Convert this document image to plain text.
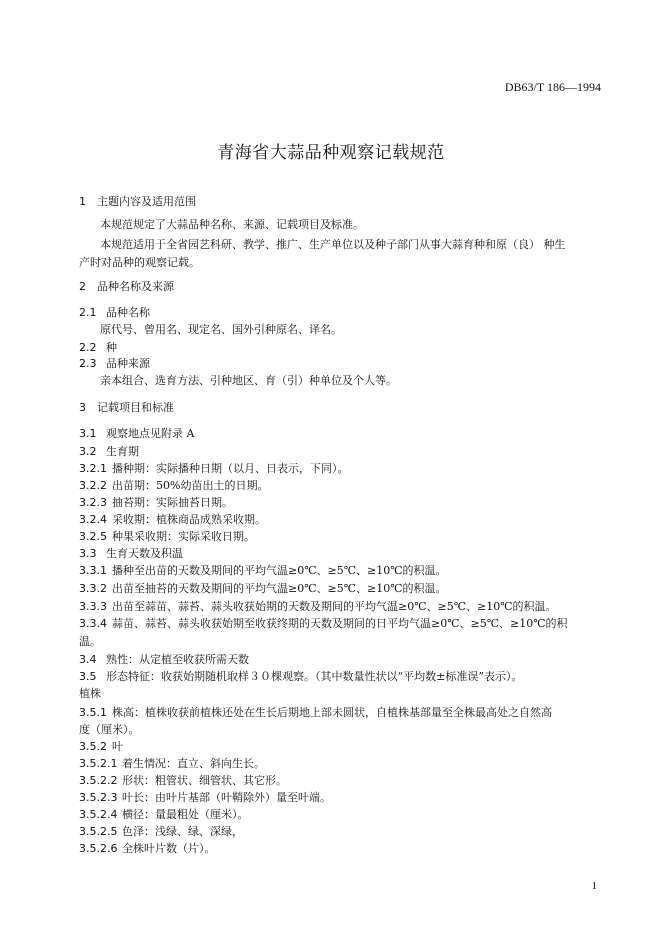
DB63/T 186—1994
青海省大蒜品种观察记载规范
1 主题内容及适用范围
本规范规定了大蒜品种名称、来源、记载项目及标准。
本规范适用于全省园艺科研、教学、推广、生产单位以及种子部门从事大蒜育种和原（良） 种生
产时对品种的观察记载。
2 品种名称及来源
2.1 品种名称
原代号、曾用名、现定名、国外引种原名、译名。
2.2 种
2.3 品种来源
亲本组合、选育方法、引种地区、育（引）种单位及个人等。
3 记载项目和标准
3.1 观察地点见附录 A
3.2 生育期
3.2.1 播种期：实际播种日期（以月、日表示，下同）。
3.2.2 出苗期：50%幼苗出土的日期。
3.2.3 抽苔期：实际抽苔日期。
3.2.4 采收期：植株商品成熟采收期。
3.2.5 种果采收期：实际采收日期。
3.3 生育天数及积温
3.3.1 播种至出苗的天数及期间的平均气温≥0℃、≥5℃、≥10℃的积温。
3.3.2 出苗至抽苔的天数及期间的平均气温≥0℃、≥5℃、≥10℃的积温。
3.3.3 出苗至蒜苗、蒜苔、蒜头收获始期的天数及期间的平均气温≥0℃、≥5℃、≥10℃的积温。
3.3.4 蒜苗、蒜苔、蒜头收获始期至收获终期的天数及期间的日平均气温≥0℃、≥5℃、≥10℃的积
温。
3.4 熟性：从定植至收获所需天数
3.5 形态特征：收获始期随机取样３０棵观察。（其中数量性状以“平均数±标准误”表示）。
植株
3.5.1 株高：植株收获前植株还处在生长后期地上部未圆状，自植株基部量至全株最高处之自然高
度（厘米）。
3.5.2 叶
3.5.2.1 着生情况：直立、斜向生长。
3.5.2.2 形状：粗管状、细管状、其它形。
3.5.2.3 叶长：由叶片基部（叶鞘除外）量至叶端。
3.5.2.4 横径：量最粗处（厘米）。
3.5.2.5 色泽：浅绿、绿、深绿，
3.5.2.6 全株叶片数（片）。
1
